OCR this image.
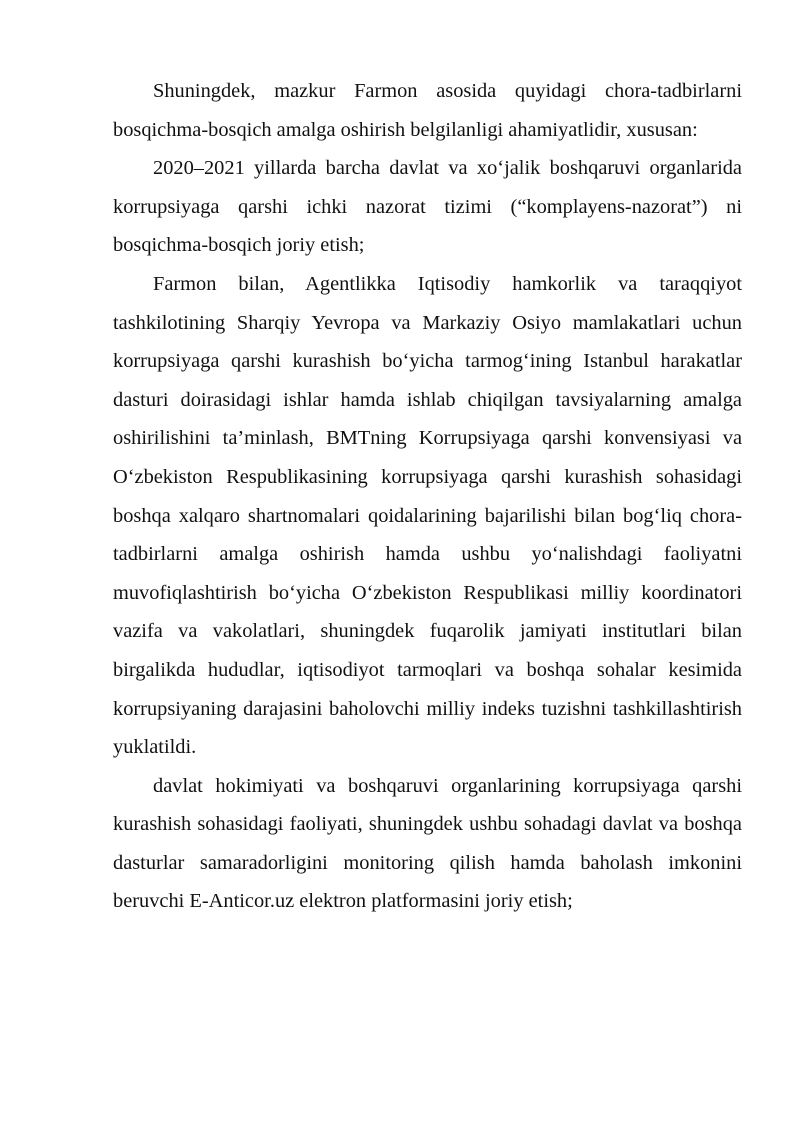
Shuningdek, mazkur Farmon asosida quyidagi chora-tadbirlarni bosqichma-bosqich amalga oshirish belgilanligi ahamiyatlidir, xususan:

2020–2021 yillarda barcha davlat va xo‘jalik boshqaruvi organlarida korrupsiyaga qarshi ichki nazorat tizimi (“komplayens-nazorat”) ni bosqichma-bosqich joriy etish;

Farmon bilan, Agentlikka Iqtisodiy hamkorlik va taraqqiyot tashkilotining Sharqiy Yevropa va Markaziy Osiyo mamlakatlari uchun korrupsiyaga qarshi kurashish bo‘yicha tarmog‘ining Istanbul harakatlar dasturi doirasidagi ishlar hamda ishlab chiqilgan tavsiyalarning amalga oshirilishini ta’minlash, BMTning Korrupsiyaga qarshi konvensiyasi va O‘zbekiston Respublikasining korrupsiyaga qarshi kurashish sohasidagi boshqa xalqaro shartnomalari qoidalarining bajarilishi bilan bog‘liq chora-tadbirlarni amalga oshirish hamda ushbu yo‘nalishdagi faoliyatni muvofiqlashtirish bo‘yicha O‘zbekiston Respublikasi milliy koordinatori vazifa va vakolatlari, shuningdek fuqarolik jamiyati institutlari bilan birgalikda hududlar, iqtisodiyot tarmoqlari va boshqa sohalar kesimida korrupsiyaning darajasini baholovchi milliy indeks tuzishni tashkillashtirish yuklatildi.

davlat hokimiyati va boshqaruvi organlarining korrupsiyaga qarshi kurashish sohasidagi faoliyati, shuningdek ushbu sohadagi davlat va boshqa dasturlar samaradorligini monitoring qilish hamda baholash imkonini beruvchi E-Anticor.uz elektron platformasini joriy etish;
